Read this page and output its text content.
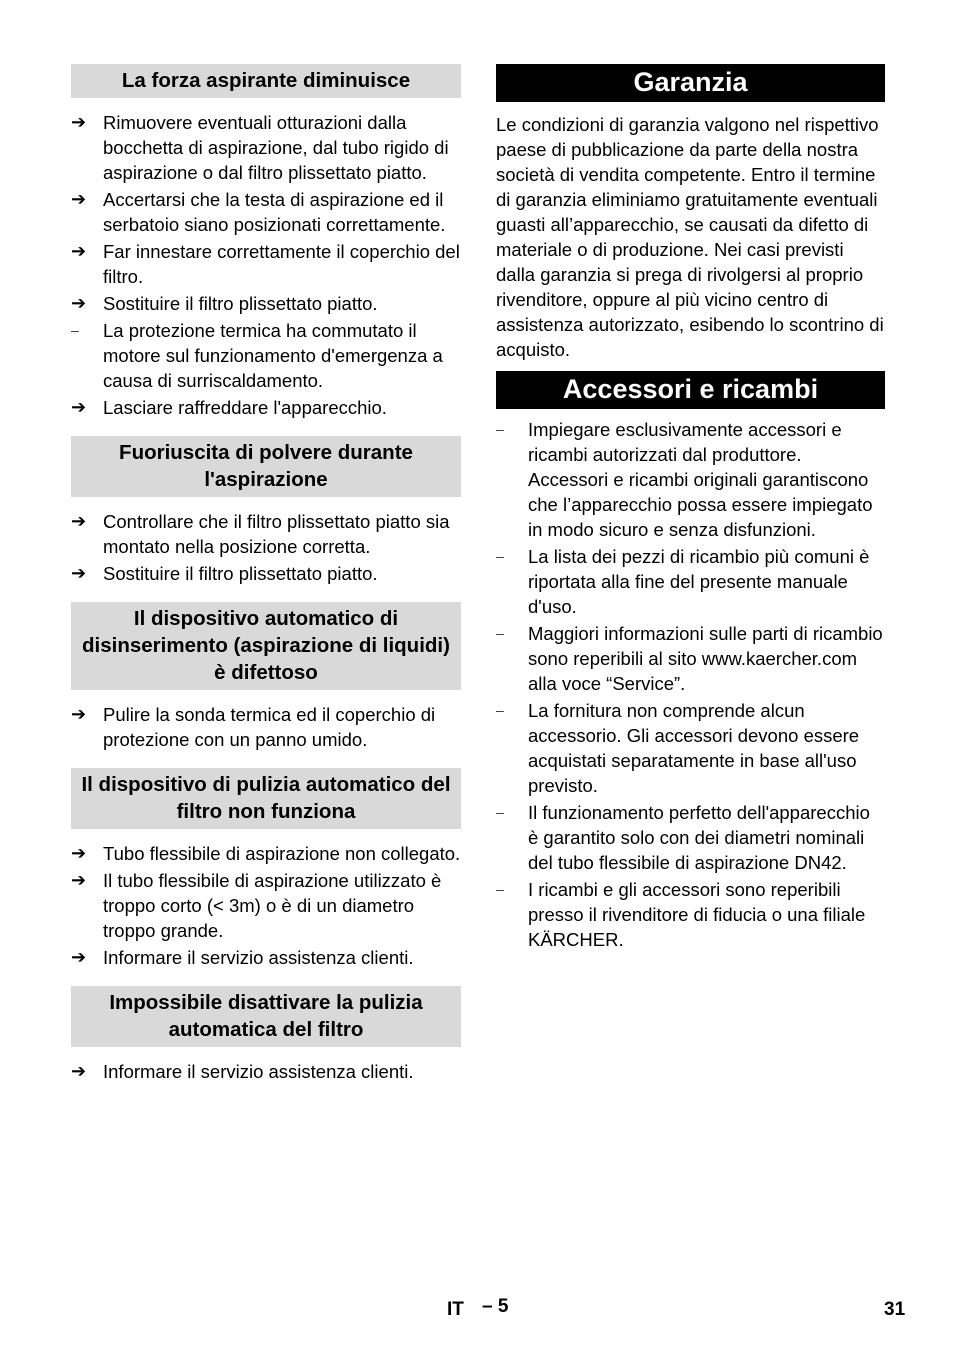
La forza aspirante diminuisce
➔ Rimuovere eventuali otturazioni dalla bocchetta di aspirazione, dal tubo rigido di aspirazione o dal filtro plissettato piatto.
➔ Accertarsi che la testa di aspirazione ed il serbatoio siano posizionati correttamente.
➔ Far innestare correttamente il coperchio del filtro.
➔ Sostituire il filtro plissettato piatto.
–	La protezione termica ha commutato il motore sul funzionamento d'emergenza a causa di surriscaldamento.
➔ Lasciare raffreddare l'apparecchio.
Fuoriuscita di polvere durante l'aspirazione
➔ Controllare che il filtro plissettato piatto sia montato nella posizione corretta.
➔ Sostituire il filtro plissettato piatto.
Il dispositivo automatico di disinserimento (aspirazione di liquidi) è difettoso
➔ Pulire la sonda termica ed il coperchio di protezione con un panno umido.
Il dispositivo di pulizia automatico del filtro non funziona
➔ Tubo flessibile di aspirazione non collegato.
➔ Il tubo flessibile di aspirazione utilizzato è troppo corto (< 3m) o è di un diametro troppo grande.
➔ Informare il servizio assistenza clienti.
Impossibile disattivare la pulizia automatica del filtro
➔ Informare il servizio assistenza clienti.
Garanzia

Le condizioni di garanzia valgono nel rispettivo paese di pubblicazione da parte della nostra società di vendita competente. Entro il termine di garanzia eliminiamo gratuitamente eventuali guasti all’apparecchio, se causati da difetto di materiale o di produzione. Nei casi previsti dalla garanzia si prega di rivolgersi al proprio rivenditore, oppure al più vicino centro di assistenza autorizzato, esibendo lo scontrino di acquisto.

Accessori e ricambi
–	Impiegare esclusivamente accessori e ricambi autorizzati dal produttore. Accessori e ricambi originali garantiscono che l’apparecchio possa essere impiegato in modo sicuro e senza disfunzioni.
–	La lista dei pezzi di ricambio più comuni è riportata alla fine del presente manuale d'uso.
–	Maggiori informazioni sulle parti di ricambio sono reperibili al sito www.kaercher.com alla voce “Service”.
–	La fornitura non comprende alcun accessorio. Gli accessori devono essere acquistati separatamente in base all'uso previsto.
–	Il funzionamento perfetto dell'apparecchio è garantito solo con dei diametri nominali del tubo flessibile di aspirazione DN42.
–	I ricambi e gli accessori sono reperibili presso il rivenditore di fiducia o una filiale KÄRCHER.
IT – 5	31
